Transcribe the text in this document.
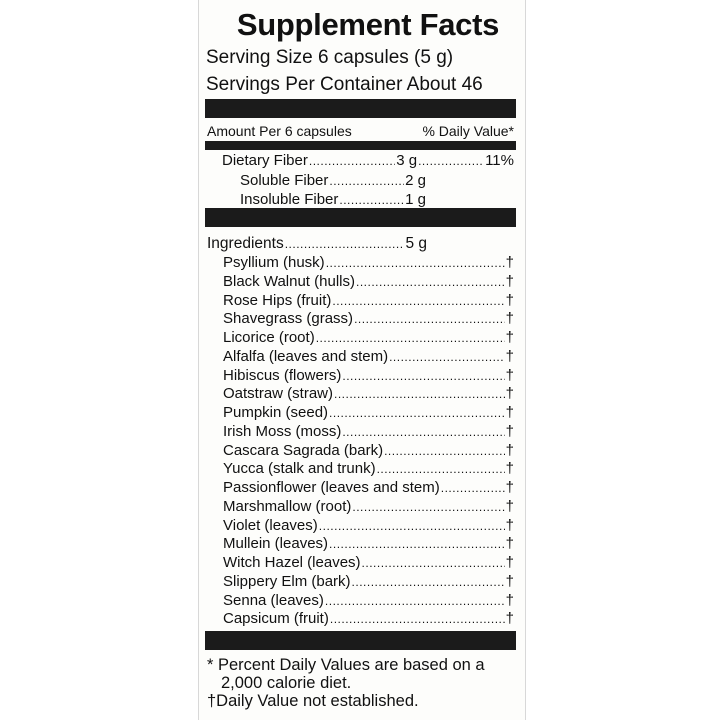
Supplement Facts
Serving Size 6 capsules (5 g)
Servings Per Container About 46
Amount Per 6 capsules	% Daily Value*
Dietary Fiber .....	3 g .....	11%
Soluble Fiber .....	2 g
Insoluble Fiber .....	1 g
Ingredients .....	5 g
Psyllium (husk) .....	†
Black Walnut (hulls) .....	†
Rose Hips (fruit) .....	†
Shavegrass (grass) .....	†
Licorice (root) .....	†
Alfalfa (leaves and stem) .....	†
Hibiscus (flowers) .....	†
Oatstraw (straw) .....	†
Pumpkin (seed) .....	†
Irish Moss (moss) .....	†
Cascara Sagrada (bark) .....	†
Yucca (stalk and trunk) .....	†
Passionflower (leaves and stem) .....	†
Marshmallow (root) .....	†
Violet (leaves) .....	†
Mullein (leaves) .....	†
Witch Hazel (leaves) .....	†
Slippery Elm (bark) .....	†
Senna (leaves) .....	†
Capsicum (fruit) .....	†
* Percent Daily Values are based on a
2,000 calorie diet.
†Daily Value not established.
